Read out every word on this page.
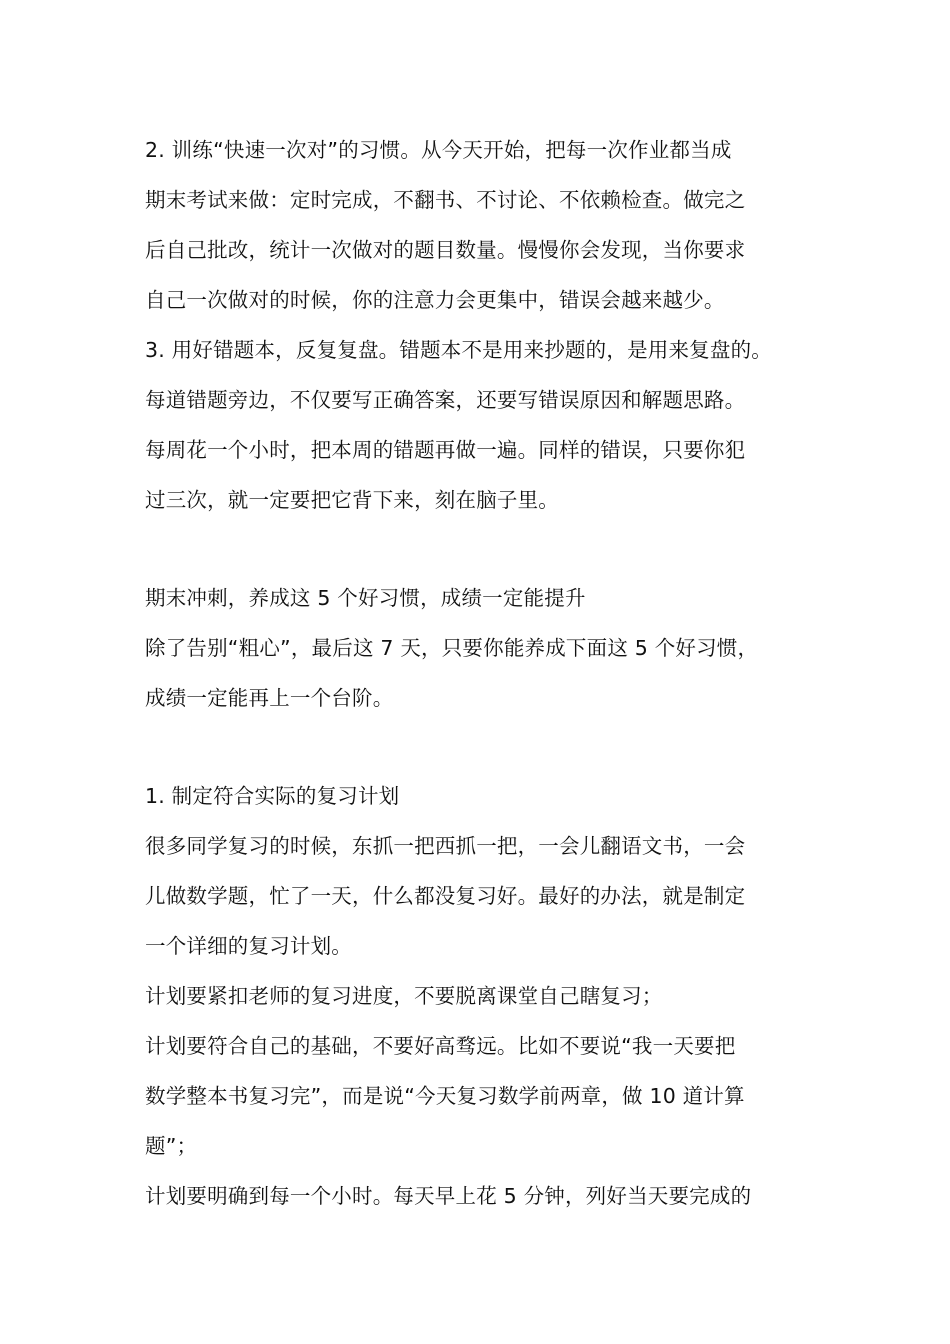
2. 训练“快速一次对”的习惯。从今天开始，把每一次作业都当成
期末考试来做：定时完成，不翻书、不讨论、不依赖检查。做完之
后自己批改，统计一次做对的题目数量。慢慢你会发现，当你要求
自己一次做对的时候，你的注意力会更集中，错误会越来越少。
3. 用好错题本，反复复盘。错题本不是用来抄题的，是用来复盘的。
每道错题旁边，不仅要写正确答案，还要写错误原因和解题思路。
每周花一个小时，把本周的错题再做一遍。同样的错误，只要你犯
过三次，就一定要把它背下来，刻在脑子里。
期末冲刺，养成这 5 个好习惯，成绩一定能提升
除了告别“粗心”，最后这 7 天，只要你能养成下面这 5 个好习惯，
成绩一定能再上一个台阶。
1. 制定符合实际的复习计划
很多同学复习的时候，东抓一把西抓一把，一会儿翻语文书，一会
儿做数学题，忙了一天，什么都没复习好。最好的办法，就是制定
一个详细的复习计划。
计划要紧扣老师的复习进度，不要脱离课堂自己瞎复习；
计划要符合自己的基础，不要好高骛远。比如不要说“我一天要把
数学整本书复习完”，而是说“今天复习数学前两章，做 10 道计算
题”；
计划要明确到每一个小时。每天早上花 5 分钟，列好当天要完成的
